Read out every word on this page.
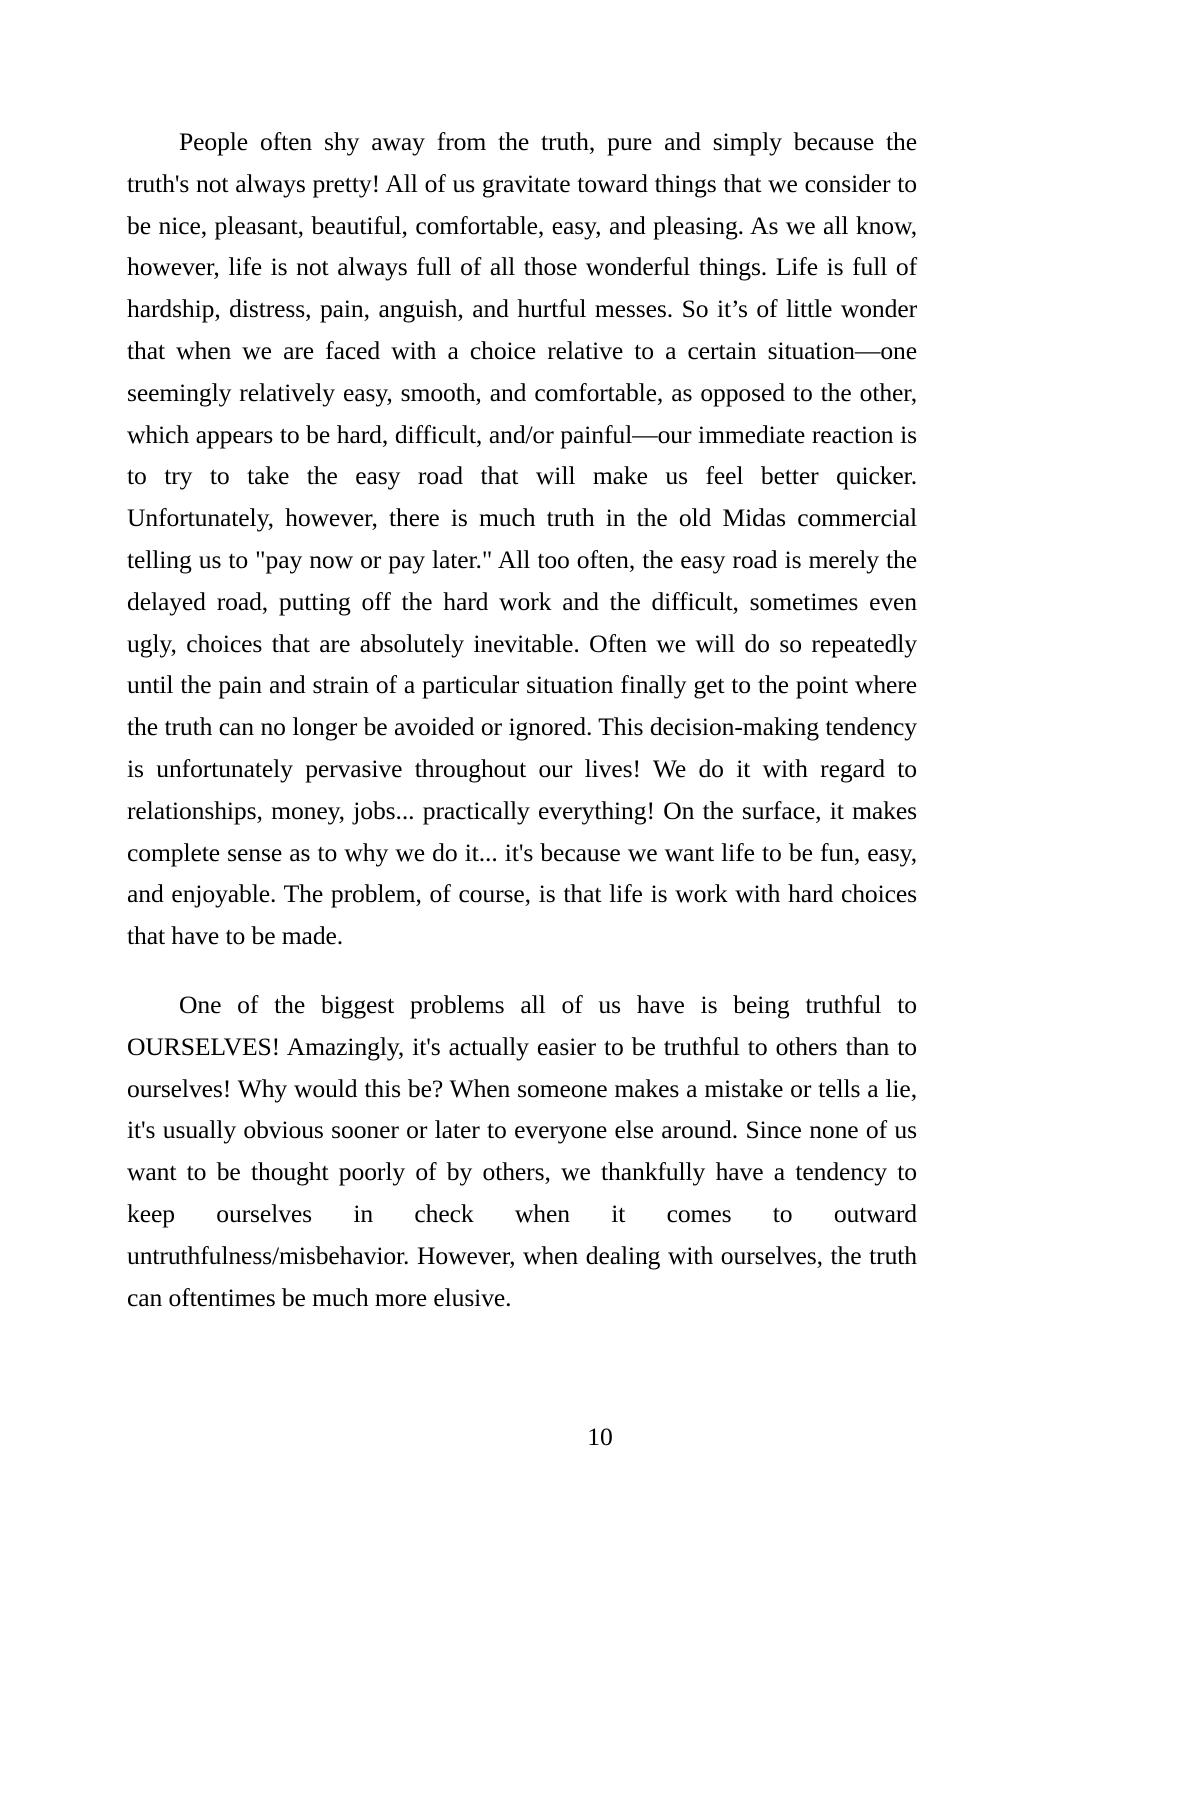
People often shy away from the truth, pure and simply because the truth's not always pretty! All of us gravitate toward things that we consider to be nice, pleasant, beautiful, comfortable, easy, and pleasing. As we all know, however, life is not always full of all those wonderful things. Life is full of hardship, distress, pain, anguish, and hurtful messes. So it’s of little wonder that when we are faced with a choice relative to a certain situation—one seemingly relatively easy, smooth, and comfortable, as opposed to the other, which appears to be hard, difficult, and/or painful—our immediate reaction is to try to take the easy road that will make us feel better quicker. Unfortunately, however, there is much truth in the old Midas commercial telling us to "pay now or pay later." All too often, the easy road is merely the delayed road, putting off the hard work and the difficult, sometimes even ugly, choices that are absolutely inevitable. Often we will do so repeatedly until the pain and strain of a particular situation finally get to the point where the truth can no longer be avoided or ignored. This decision-making tendency is unfortunately pervasive throughout our lives! We do it with regard to relationships, money, jobs... practically everything! On the surface, it makes complete sense as to why we do it... it's because we want life to be fun, easy, and enjoyable. The problem, of course, is that life is work with hard choices that have to be made.

One of the biggest problems all of us have is being truthful to OURSELVES! Amazingly, it's actually easier to be truthful to others than to ourselves! Why would this be? When someone makes a mistake or tells a lie, it's usually obvious sooner or later to everyone else around. Since none of us want to be thought poorly of by others, we thankfully have a tendency to keep ourselves in check when it comes to outward untruthfulness/misbehavior. However, when dealing with ourselves, the truth can oftentimes be much more elusive.

10
